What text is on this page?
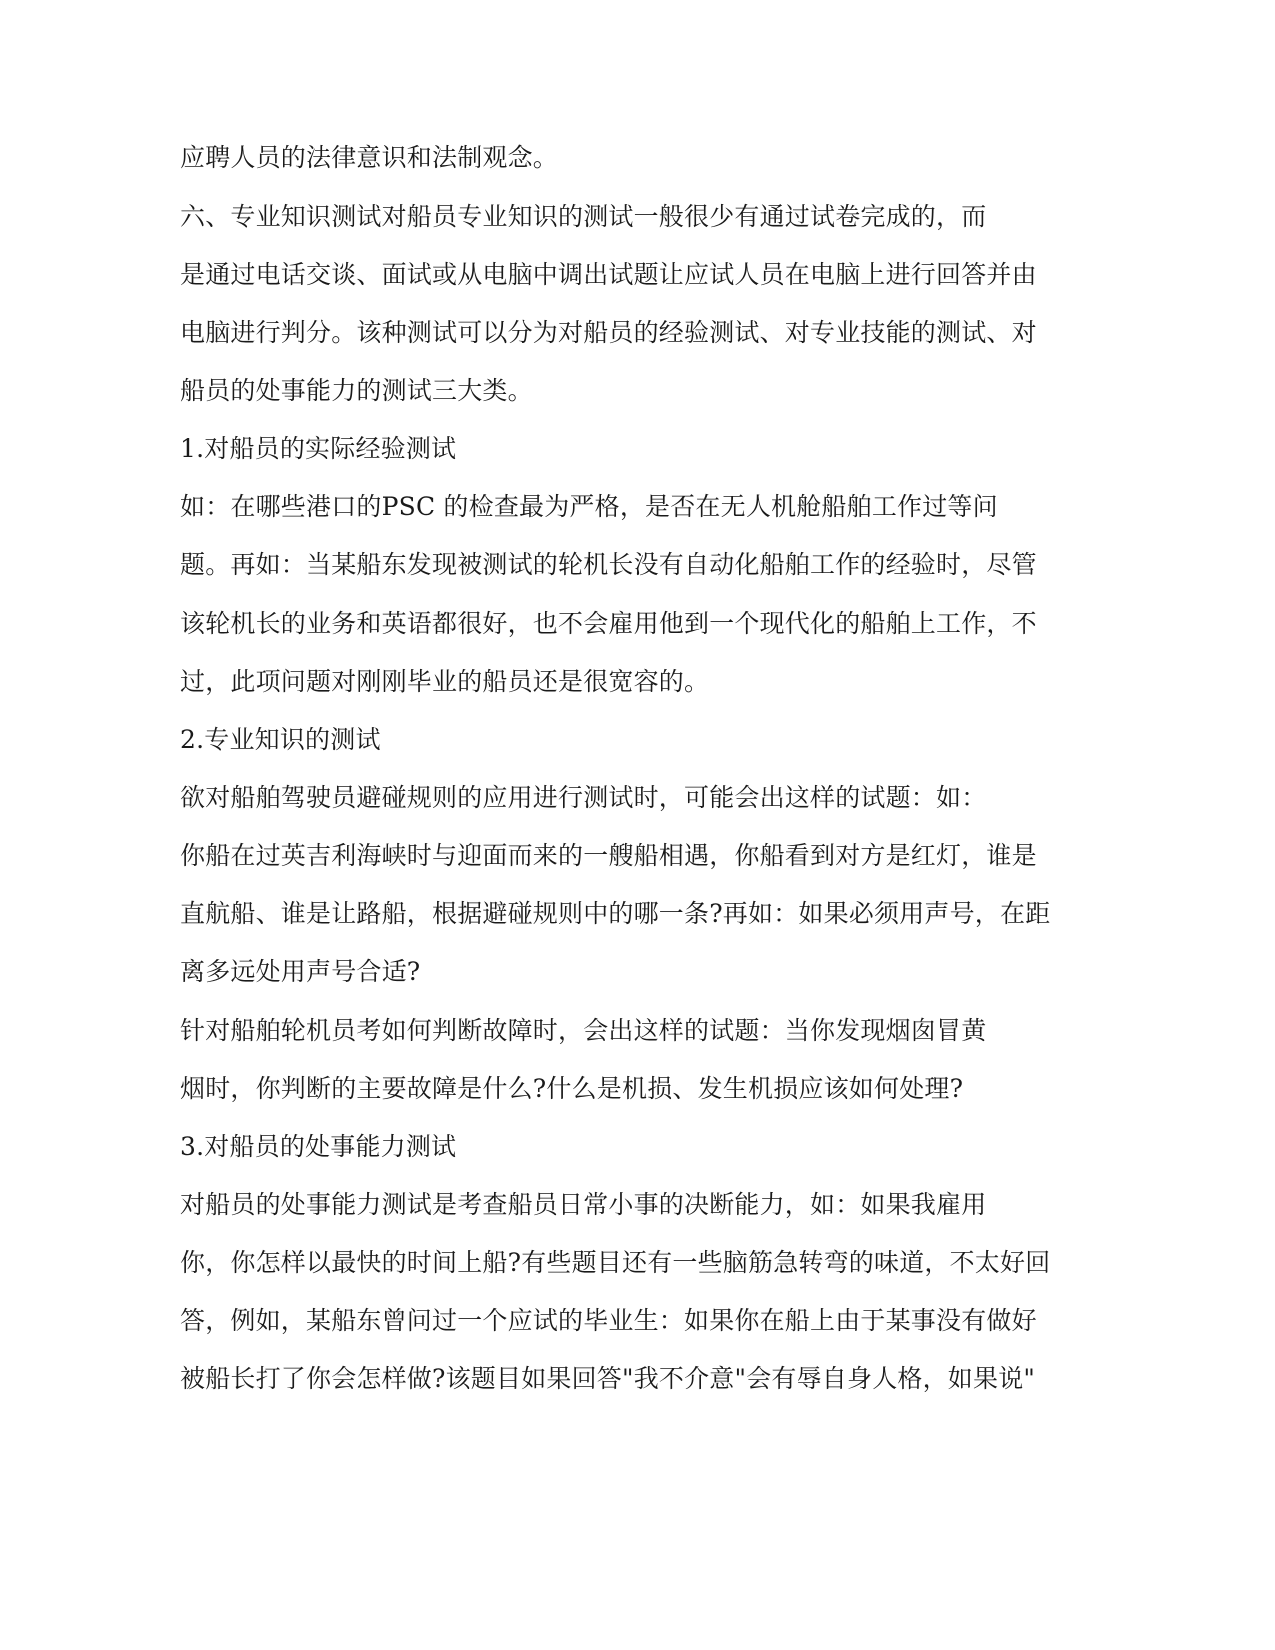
应聘人员的法律意识和法制观念。
六、专业知识测试对船员专业知识的测试一般很少有通过试卷完成的，而
是通过电话交谈、面试或从电脑中调出试题让应试人员在电脑上进行回答并由
电脑进行判分。该种测试可以分为对船员的经验测试、对专业技能的测试、对
船员的处事能力的测试三大类。
1.对船员的实际经验测试
如：在哪些港口的PSC 的检查最为严格，是否在无人机舱船舶工作过等问
题。再如：当某船东发现被测试的轮机长没有自动化船舶工作的经验时，尽管
该轮机长的业务和英语都很好，也不会雇用他到一个现代化的船舶上工作，不
过，此项问题对刚刚毕业的船员还是很宽容的。
2.专业知识的测试
欲对船舶驾驶员避碰规则的应用进行测试时，可能会出这样的试题：如：
你船在过英吉利海峡时与迎面而来的一艘船相遇，你船看到对方是红灯，谁是
直航船、谁是让路船，根据避碰规则中的哪一条?再如：如果必须用声号，在距
离多远处用声号合适?
针对船舶轮机员考如何判断故障时，会出这样的试题：当你发现烟囱冒黄
烟时，你判断的主要故障是什么?什么是机损、发生机损应该如何处理?
3.对船员的处事能力测试
对船员的处事能力测试是考查船员日常小事的决断能力，如：如果我雇用
你，你怎样以最快的时间上船?有些题目还有一些脑筋急转弯的味道，不太好回
答，例如，某船东曾问过一个应试的毕业生：如果你在船上由于某事没有做好
被船长打了你会怎样做?该题目如果回答"我不介意"会有辱自身人格，如果说"
